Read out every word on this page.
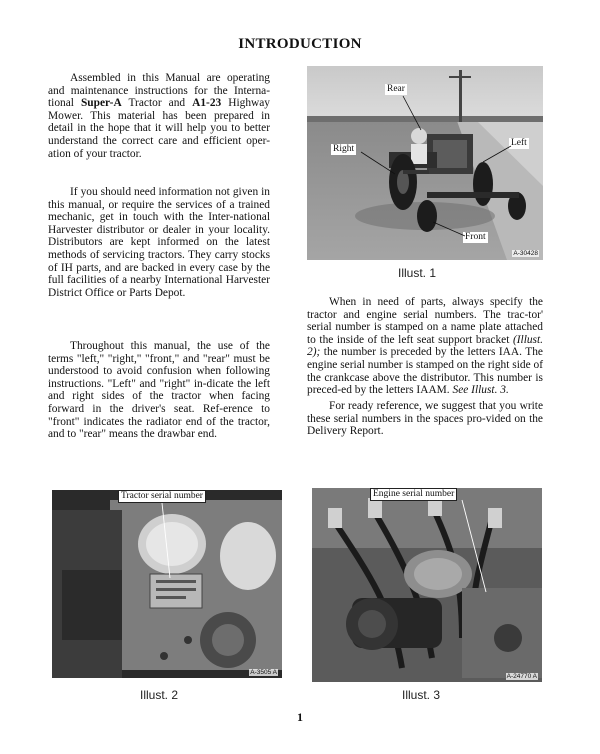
INTRODUCTION

Assembled in this Manual are operating and maintenance instructions for the Interna-tional Super-A Tractor and A1-23 Highway Mower. This material has been prepared in detail in the hope that it will help you to better understand the correct care and efficient oper-ation of your tractor.

If you should need information not given in this manual, or require the services of a trained mechanic, get in touch with the Inter-national Harvester distributor or dealer in your locality. Distributors are kept informed on the latest methods of servicing tractors. They carry stocks of IH parts, and are backed in every case by the full facilities of a nearby International Harvester District Office or Parts Depot.

Throughout this manual, the use of the terms "left," "right," "front," and "rear" must be understood to avoid confusion when following instructions. "Left" and "right" in-dicate the left and right sides of the tractor when facing forward in the driver's seat. Ref-erence to "front" indicates the radiator end of the tractor, and to "rear" means the drawbar end.

Rear
Left
Right
Front
A-30428
Illust. 1

When in need of parts, always specify the tractor and engine serial numbers. The trac-tor' serial number is stamped on a name plate attached to the inside of the left seat support bracket (Illust. 2); the number is preceded by the letters IAA. The engine serial number is stamped on the right side of the crankcase above the distributor. This number is preced-ed by the letters IAAM. See Illust. 3.

For ready reference, we suggest that you write these serial numbers in the spaces pro-vided on the Delivery Report.

Tractor serial number
A-3505 A
Illust. 2
Engine serial number
A-24770 A
Illust. 3
1
